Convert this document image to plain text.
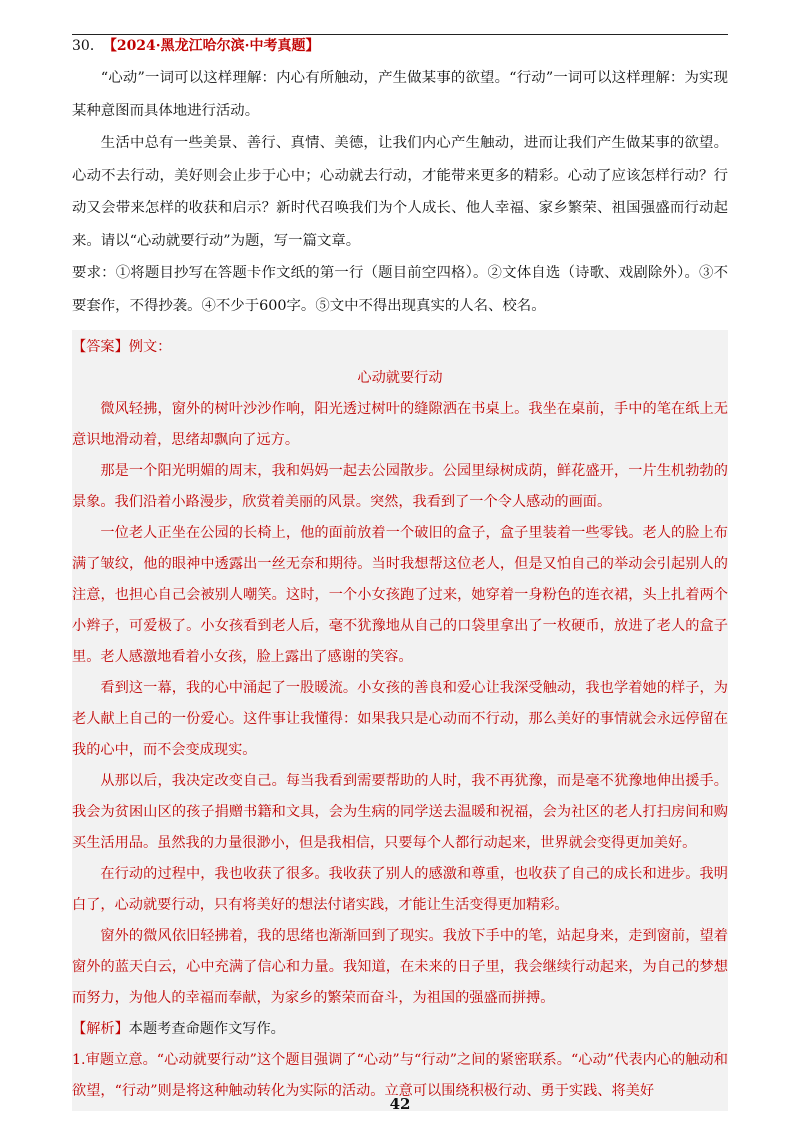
30． 【2024·黑龙江哈尔滨·中考真题】

“心动”一词可以这样理解：内心有所触动，产生做某事的欲望。“行动”一词可以这样理解：为实现某种意图而具体地进行活动。

生活中总有一些美景、善行、真情、美德，让我们内心产生触动，进而让我们产生做某事的欲望。心动不去行动，美好则会止步于心中；心动就去行动，才能带来更多的精彩。心动了应该怎样行动？行动又会带来怎样的收获和启示？新时代召唤我们为个人成长、他人幸福、家乡繁荣、祖国强盛而行动起来。请以“心动就要行动”为题，写一篇文章。

要求：①将题目抄写在答题卡作文纸的第一行（题目前空四格）。②文体自选（诗歌、戏剧除外）。③不要套作，不得抄袭。④不少于600字。⑤文中不得出现真实的人名、校名。

【答案】例文：

心动就要行动

微风轻拂，窗外的树叶沙沙作响，阳光透过树叶的缝隙洒在书桌上。我坐在桌前，手中的笔在纸上无意识地滑动着，思绪却飘向了远方。

那是一个阳光明媚的周末，我和妈妈一起去公园散步。公园里绿树成荫，鲜花盛开，一片生机勃勃的景象。我们沿着小路漫步，欣赏着美丽的风景。突然，我看到了一个令人感动的画面。

一位老人正坐在公园的长椅上，他的面前放着一个破旧的盒子，盒子里装着一些零钱。老人的脸上布满了皱纹，他的眼神中透露出一丝无奈和期待。当时我想帮这位老人，但是又怕自己的举动会引起别人的注意，也担心自己会被别人嘲笑。这时，一个小女孩跑了过来，她穿着一身粉色的连衣裙，头上扎着两个小辫子，可爱极了。小女孩看到老人后，毫不犹豫地从自己的口袋里拿出了一枚硬币，放进了老人的盒子里。老人感激地看着小女孩，脸上露出了感谢的笑容。

看到这一幕，我的心中涌起了一股暖流。小女孩的善良和爱心让我深受触动，我也学着她的样子，为老人献上自己的一份爱心。这件事让我懂得：如果我只是心动而不行动，那么美好的事情就会永远停留在我的心中，而不会变成现实。

从那以后，我决定改变自己。每当我看到需要帮助的人时，我不再犹豫，而是毫不犹豫地伸出援手。我会为贫困山区的孩子捐赠书籍和文具，会为生病的同学送去温暖和祝福，会为社区的老人打扫房间和购买生活用品。虽然我的力量很渺小，但是我相信，只要每个人都行动起来，世界就会变得更加美好。

在行动的过程中，我也收获了很多。我收获了别人的感激和尊重，也收获了自己的成长和进步。我明白了，心动就要行动，只有将美好的想法付诸实践，才能让生活变得更加精彩。

窗外的微风依旧轻拂着，我的思绪也渐渐回到了现实。我放下手中的笔，站起身来，走到窗前，望着窗外的蓝天白云，心中充满了信心和力量。我知道，在未来的日子里，我会继续行动起来，为自己的梦想而努力，为他人的幸福而奉献，为家乡的繁荣而奋斗，为祖国的强盛而拼搏。

【解析】本题考查命题作文写作。

1.审题立意。“心动就要行动”这个题目强调了“心动”与“行动”之间的紧密联系。“心动”代表内心的触动和欲望，“行动”则是将这种触动转化为实际的活动。立意可以围绕积极行动、勇于实践、将美好

42
